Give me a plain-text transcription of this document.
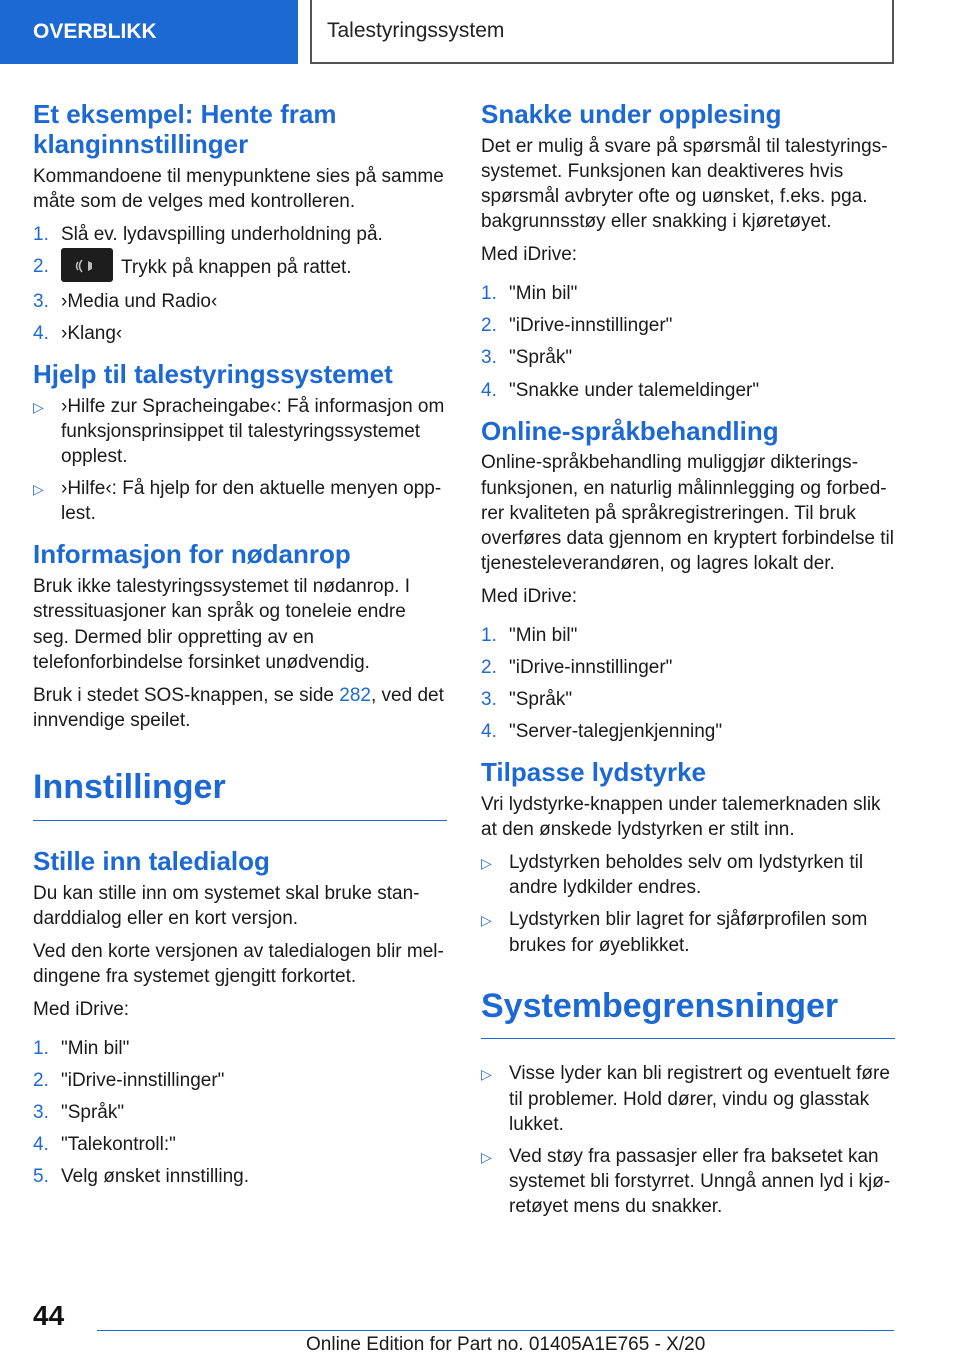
OVERBLIKK	Talestyringssystem
Et eksempel: Hente fram klanginnstillinger

Kommandoene til menypunktene sies på samme måte som de velges med kontrolleren.

1. Slå ev. lydavspilling underholdning på.
2.	Trykk på knappen på rattet.
3. ›Media und Radio‹
4. ›Klang‹
Hjelp til talestyringssystemet
▷ ›Hilfe zur Spracheingabe‹: Få informasjon om funksjonsprinsippet til talestyringssystemet opplest.
▷ ›Hilfe‹: Få hjelp for den aktuelle menyen opplest.
Informasjon for nødanrop

Bruk ikke talestyringssystemet til nødanrop. I stressituasjoner kan språk og toneleie endre seg. Dermed blir oppretting av en telefonforbindelse forsinket unødvendig.

Bruk i stedet SOS-knappen, se side 282, ved det innvendige speilet.

Innstillinger
Stille inn taledialog

Du kan stille inn om systemet skal bruke standarddialog eller en kort versjon.

Ved den korte versjonen av taledialogen blir meldingene fra systemet gjengitt forkortet.

Med iDrive:

1. "Min bil"
2. "iDrive-innstillinger"
3. "Språk"
4. "Talekontroll:"
5. Velg ønsket innstilling.
Snakke under opplesing

Det er mulig å svare på spørsmål til talestyringssystemet. Funksjonen kan deaktiveres hvis spørsmål avbryter ofte og uønsket, f.eks. pga. bakgrunnsstøy eller snakking i kjøretøyet.

Med iDrive:

1. "Min bil"
2. "iDrive-innstillinger"
3. "Språk"
4. "Snakke under talemeldinger"
Online-språkbehandling

Online-språkbehandling muliggjør dikteringsfunksjonen, en naturlig målinnlegging og forbedrer kvaliteten på språkregistreringen. Til bruk overføres data gjennom en kryptert forbindelse til tjenesteleverandøren, og lagres lokalt der.

Med iDrive:

1. "Min bil"
2. "iDrive-innstillinger"
3. "Språk"
4. "Server-talegjenkjenning"
Tilpasse lydstyrke

Vri lydstyrke-knappen under talemerknaden slik at den ønskede lydstyrken er stilt inn.

▷ Lydstyrken beholdes selv om lydstyrken til andre lydkilder endres.
▷ Lydstyrken blir lagret for sjåførprofilen som brukes for øyeblikket.
Systembegrensninger
▷ Visse lyder kan bli registrert og eventuelt føre til problemer. Hold dører, vindu og glasstak lukket.
▷ Ved støy fra passasjer eller fra baksetet kan systemet bli forstyrret. Unngå annen lyd i kjøretøyet mens du snakker.
44
Online Edition for Part no. 01405A1E765 - X/20
